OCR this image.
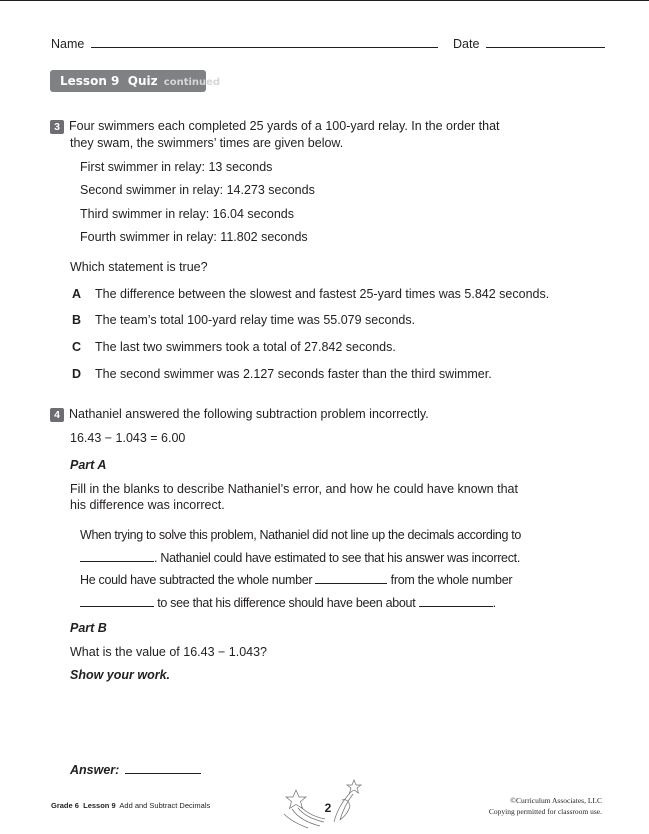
Name	Date
Lesson 9 Quiz continued
3 Four swimmers each completed 25 yards of a 100-yard relay. In the order that
they swam, the swimmers’ times are given below.
First swimmer in relay: 13 seconds
Second swimmer in relay: 14.273 seconds
Third swimmer in relay: 16.04 seconds
Fourth swimmer in relay: 11.802 seconds
Which statement is true?
A The difference between the slowest and fastest 25-yard times was 5.842 seconds.
B The team’s total 100-yard relay time was 55.079 seconds.
C The last two swimmers took a total of 27.842 seconds.
D The second swimmer was 2.127 seconds faster than the third swimmer.
4 Nathaniel answered the following subtraction problem incorrectly.
16.43 − 1.043 = 6.00
Part A
Fill in the blanks to describe Nathaniel’s error, and how he could have known that
his difference was incorrect.
When trying to solve this problem, Nathaniel did not line up the decimals according to
. Nathaniel could have estimated to see that his answer was incorrect.
He could have subtracted the whole number	from the whole number
to see that his difference should have been about	.
Part B
What is the value of 16.43 − 1.043?
Show your work.
Answer:
Grade 6 Lesson 9 Add and Subtract Decimals	2
©Curriculum Associates, LLC
Copying permitted for classroom use.
